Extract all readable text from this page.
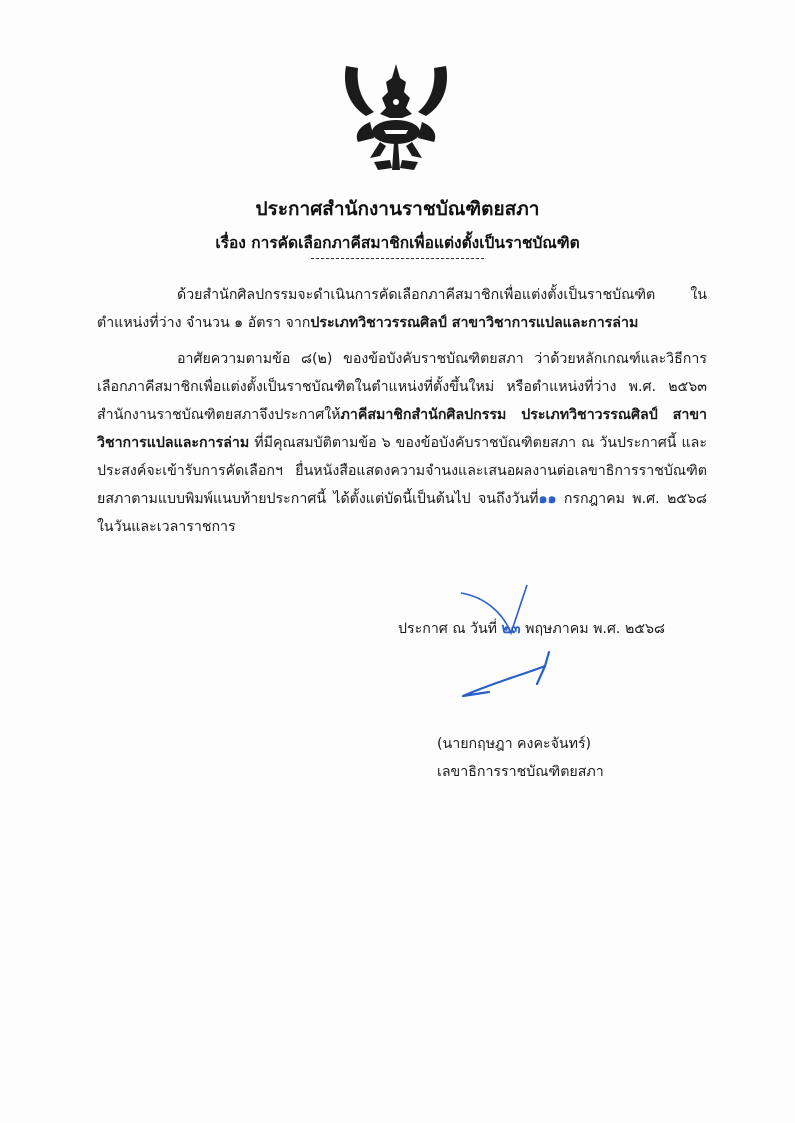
ประกาศสำนักงานราชบัณฑิตยสภา
เรื่อง การคัดเลือกภาคีสมาชิกเพื่อแต่งตั้งเป็นราชบัณฑิต
ด้วยสำนักศิลปกรรมจะดำเนินการคัดเลือกภาคีสมาชิกเพื่อแต่งตั้งเป็นราชบัณฑิต ในตำแหน่งที่ว่าง จำนวน ๑ อัตรา จากประเภทวิชาวรรณศิลป์ สาขาวิชาการแปลและการล่าม
อาศัยความตามข้อ ๘(๒) ของข้อบังคับราชบัณฑิตยสภา ว่าด้วยหลักเกณฑ์และวิธีการเลือกภาคีสมาชิกเพื่อแต่งตั้งเป็นราชบัณฑิตในตำแหน่งที่ตั้งขึ้นใหม่ หรือตำแหน่งที่ว่าง พ.ศ. ๒๕๖๓ สำนักงานราชบัณฑิตยสภาจึงประกาศให้ภาคีสมาชิกสำนักศิลปกรรม ประเภทวิชาวรรณศิลป์ สาขาวิชาการแปลและการล่าม ที่มีคุณสมบัติตามข้อ ๖ ของข้อบังคับราชบัณฑิตยสภา ณ วันประกาศนี้ และประสงค์จะเข้ารับการคัดเลือกฯ ยื่นหนังสือแสดงความจำนงและเสนอผลงานต่อเลขาธิการราชบัณฑิตยสภาตามแบบพิมพ์แนบท้ายประกาศนี้ ได้ตั้งแต่บัดนี้เป็นต้นไป จนถึงวันที่๑๑ กรกฎาคม พ.ศ. ๒๕๖๘ ในวันและเวลาราชการ
ประกาศ ณ วันที่ ๒๓ พฤษภาคม พ.ศ. ๒๕๖๘
(นายกฤษฎา คงคะจันทร์)
เลขาธิการราชบัณฑิตยสภา
